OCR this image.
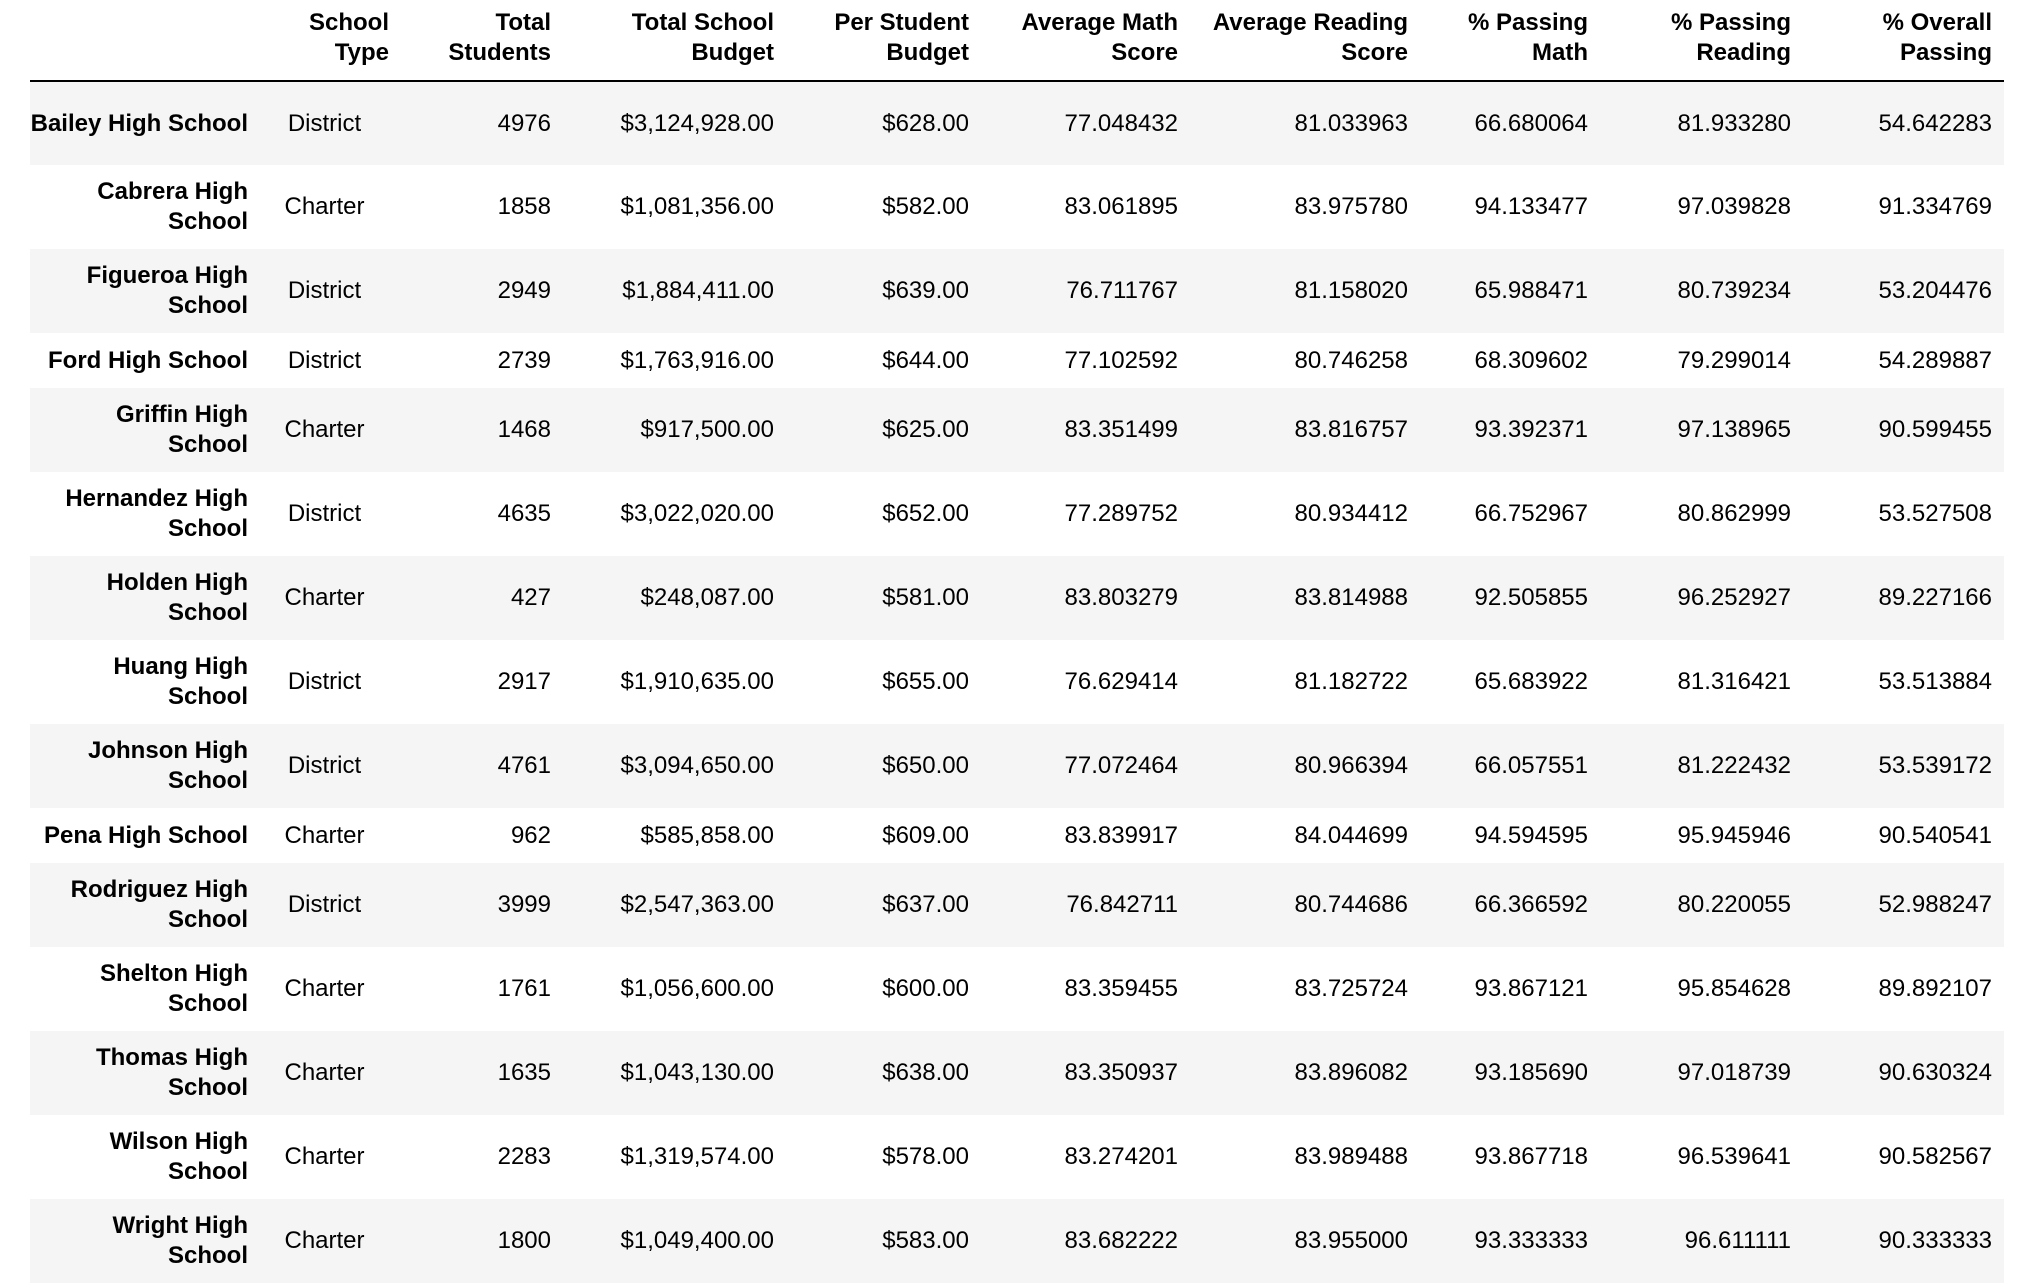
	School Type	Total Students	Total School Budget	Per Student Budget	Average Math Score	Average Reading Score	% Passing Math	% Passing Reading	% Overall Passing
Bailey High School	District	4976	$3,124,928.00	$628.00	77.048432	81.033963	66.680064	81.933280	54.642283
Cabrera High School	Charter	1858	$1,081,356.00	$582.00	83.061895	83.975780	94.133477	97.039828	91.334769
Figueroa High School	District	2949	$1,884,411.00	$639.00	76.711767	81.158020	65.988471	80.739234	53.204476
Ford High School	District	2739	$1,763,916.00	$644.00	77.102592	80.746258	68.309602	79.299014	54.289887
Griffin High School	Charter	1468	$917,500.00	$625.00	83.351499	83.816757	93.392371	97.138965	90.599455
Hernandez High School	District	4635	$3,022,020.00	$652.00	77.289752	80.934412	66.752967	80.862999	53.527508
Holden High School	Charter	427	$248,087.00	$581.00	83.803279	83.814988	92.505855	96.252927	89.227166
Huang High School	District	2917	$1,910,635.00	$655.00	76.629414	81.182722	65.683922	81.316421	53.513884
Johnson High School	District	4761	$3,094,650.00	$650.00	77.072464	80.966394	66.057551	81.222432	53.539172
Pena High School	Charter	962	$585,858.00	$609.00	83.839917	84.044699	94.594595	95.945946	90.540541
Rodriguez High School	District	3999	$2,547,363.00	$637.00	76.842711	80.744686	66.366592	80.220055	52.988247
Shelton High School	Charter	1761	$1,056,600.00	$600.00	83.359455	83.725724	93.867121	95.854628	89.892107
Thomas High School	Charter	1635	$1,043,130.00	$638.00	83.350937	83.896082	93.185690	97.018739	90.630324
Wilson High School	Charter	2283	$1,319,574.00	$578.00	83.274201	83.989488	93.867718	96.539641	90.582567
Wright High School	Charter	1800	$1,049,400.00	$583.00	83.682222	83.955000	93.333333	96.611111	90.333333
